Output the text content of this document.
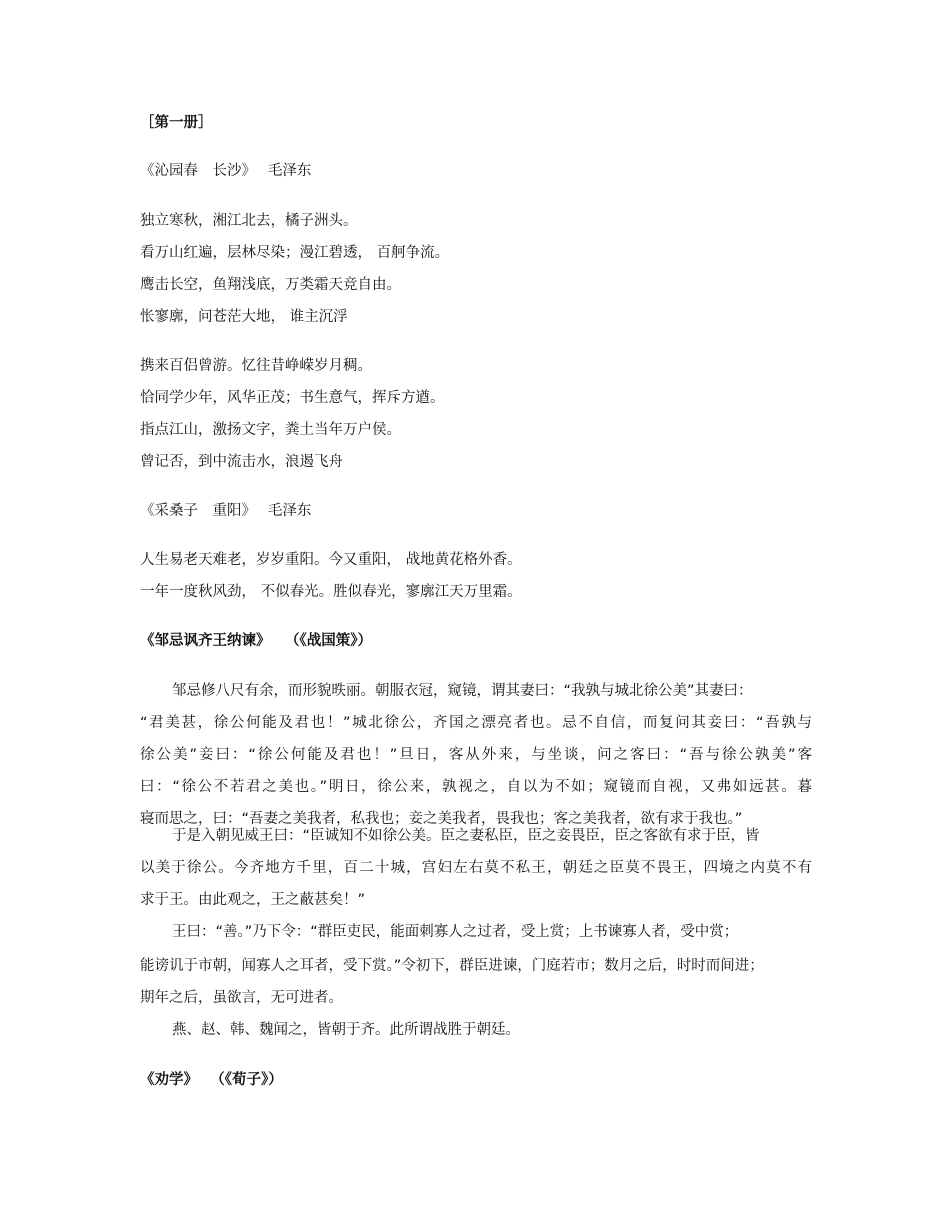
［第一册］
《沁园春　长沙》　 毛泽东
独立寒秋，湘江北去，橘子洲头。
看万山红遍，层林尽染；漫江碧透， 百舸争流。
鹰击长空，鱼翔浅底，万类霜天竞自由。
怅寥廓，问苍茫大地， 谁主沉浮
携来百侣曾游。忆往昔峥嵘岁月稠。
恰同学少年，风华正茂；书生意气，挥斥方遒。
指点江山，激扬文字，粪土当年万户侯。
曾记否，到中流击水，浪遏飞舟
《采桑子　重阳》　 毛泽东
人生易老天难老，岁岁重阳。今又重阳， 战地黄花格外香。
一年一度秋风劲， 不似春光。胜似春光，寥廓江天万里霜。
《邹忌讽齐王纳谏》　　（《战国策》）
邹忌修八尺有余，而形貌昳丽。朝服衣冠，窥镜，谓其妻曰：“我孰与城北徐公美”其妻曰：
“君美甚，徐公何能及君也！”城北徐公，齐国之漂亮者也。忌不自信，而复问其妾曰：“吾孰与
徐公美”妾曰：“徐公何能及君也！”旦日，客从外来，与坐谈，问之客曰：“吾与徐公孰美”客
曰：“徐公不若君之美也。”明日，徐公来，孰视之，自以为不如；窥镜而自视，又弗如远甚。暮
寝而思之，曰：“吾妻之美我者，私我也；妾之美我者，畏我也；客之美我者，欲有求于我也。”
于是入朝见威王曰：“臣诚知不如徐公美。臣之妻私臣，臣之妾畏臣，臣之客欲有求于臣，皆
以美于徐公。今齐地方千里，百二十城，宫妇左右莫不私王，朝廷之臣莫不畏王，四境之内莫不有
求于王。由此观之，王之蔽甚矣！”
王曰：“善。”乃下令：“群臣吏民，能面刺寡人之过者，受上赏；上书谏寡人者，受中赏；
能谤讥于市朝，闻寡人之耳者，受下赏。”令初下，群臣进谏，门庭若市；数月之后，时时而间进；
期年之后，虽欲言，无可进者。
燕、赵、韩、魏闻之，皆朝于齐。此所谓战胜于朝廷。
《劝学》　 （《荀子》）
